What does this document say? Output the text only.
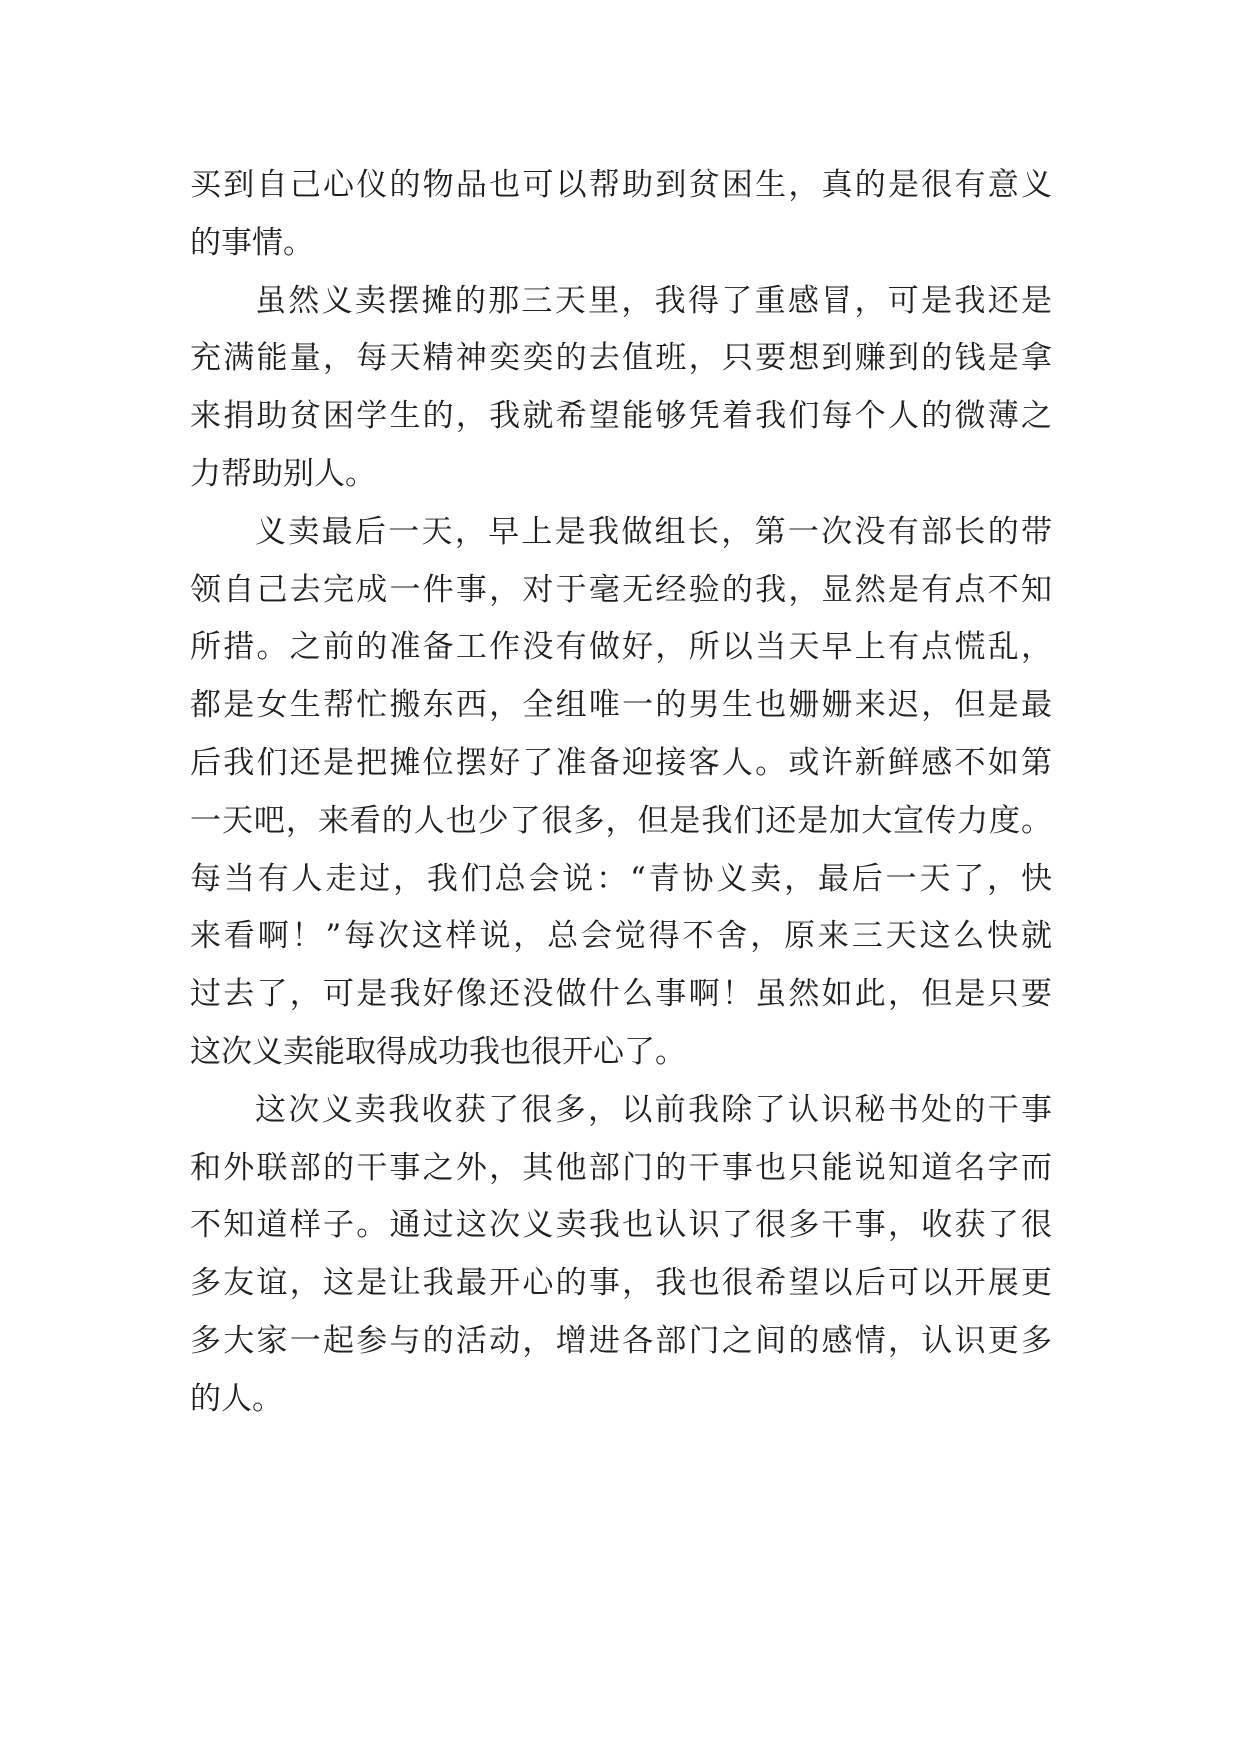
买到自己心仪的物品也可以帮助到贫困生，真的是很有意义
的事情。
虽然义卖摆摊的那三天里，我得了重感冒，可是我还是
充满能量，每天精神奕奕的去值班，只要想到赚到的钱是拿
来捐助贫困学生的，我就希望能够凭着我们每个人的微薄之
力帮助别人。
义卖最后一天，早上是我做组长，第一次没有部长的带
领自己去完成一件事，对于毫无经验的我，显然是有点不知
所措。之前的准备工作没有做好，所以当天早上有点慌乱，
都是女生帮忙搬东西，全组唯一的男生也姗姗来迟，但是最
后我们还是把摊位摆好了准备迎接客人。或许新鲜感不如第
一天吧，来看的人也少了很多，但是我们还是加大宣传力度。
每当有人走过，我们总会说：“青协义卖，最后一天了，快
来看啊！”每次这样说，总会觉得不舍，原来三天这么快就
过去了，可是我好像还没做什么事啊！虽然如此，但是只要
这次义卖能取得成功我也很开心了。
这次义卖我收获了很多，以前我除了认识秘书处的干事
和外联部的干事之外，其他部门的干事也只能说知道名字而
不知道样子。通过这次义卖我也认识了很多干事，收获了很
多友谊，这是让我最开心的事，我也很希望以后可以开展更
多大家一起参与的活动，增进各部门之间的感情，认识更多
的人。
